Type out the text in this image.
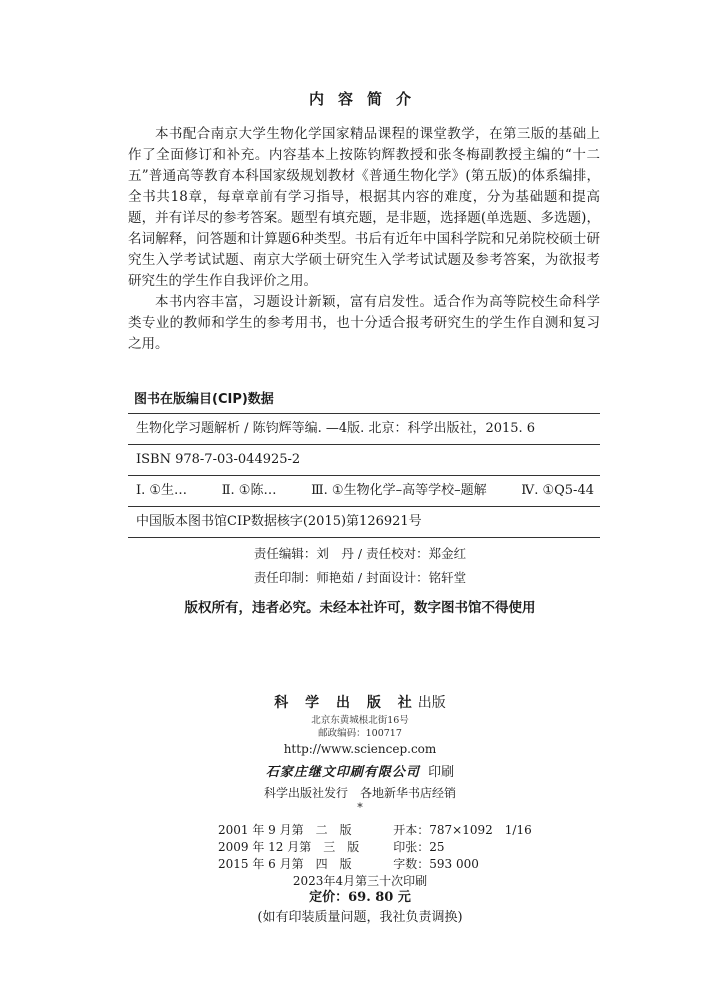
内容简介

本书配合南京大学生物化学国家精品课程的课堂教学，在第三版的基础上作了全面修订和补充。内容基本上按陈钧辉教授和张冬梅副教授主编的“十二五”普通高等教育本科国家级规划教材《普通生物化学》(第五版)的体系编排，全书共18章，每章章前有学习指导，根据其内容的难度，分为基础题和提高题，并有详尽的参考答案。题型有填充题，是非题，选择题(单选题、多选题)，名词解释，问答题和计算题6种类型。书后有近年中国科学院和兄弟院校硕士研究生入学考试试题、南京大学硕士研究生入学考试试题及参考答案，为欲报考研究生的学生作自我评价之用。

本书内容丰富，习题设计新颖，富有启发性。适合作为高等院校生命科学类专业的教师和学生的参考用书，也十分适合报考研究生的学生作自测和复习之用。

图书在版编目(CIP)数据
生物化学习题解析 / 陈钧辉等编. —4版. 北京：科学出版社，2015. 6
ISBN 978-7-03-044925-2
Ⅰ. ①生…	Ⅱ. ①陈…	Ⅲ. ①生物化学–高等学校–题解	Ⅳ. ①Q5-44
中国版本图书馆CIP数据核字(2015)第126921号
责任编辑：刘　丹 / 责任校对：郑金红
责任印制：师艳茹 / 封面设计：铭轩堂
版权所有，违者必究。未经本社许可，数字图书馆不得使用
科 学 出 版 社出版
北京东黄城根北街16号
邮政编码：100717
http://www.sciencep.com
石家庄继文印刷有限公司 印刷
科学出版社发行　各地新华书店经销
*
2001 年 9 月第　二　版	开本：787×1092　1/16
2009 年 12 月第　三　版	印张：25
2015 年 6 月第　四　版	字数：593 000
2023年4月第三十次印刷
定价：69. 80 元
(如有印装质量问题，我社负责调换)
